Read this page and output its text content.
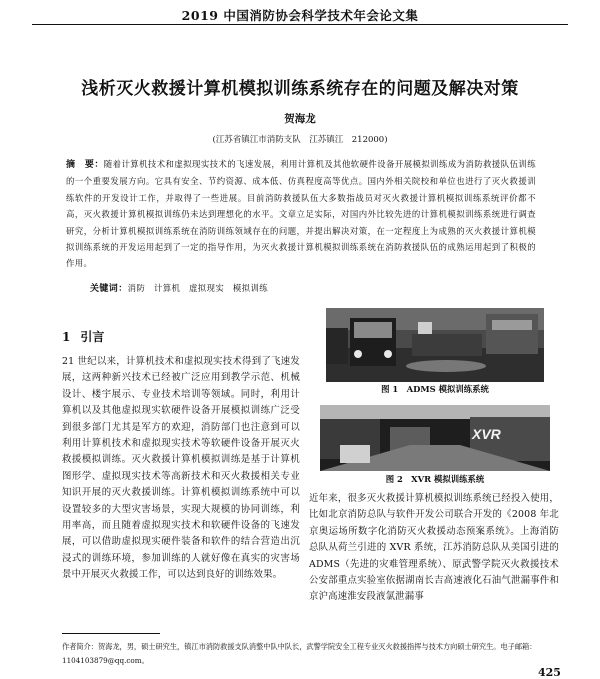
2019 中国消防协会科学技术年会论文集
浅析灭火救援计算机模拟训练系统存在的问题及解决对策
贺海龙
(江苏省镇江市消防支队　江苏镇江　212000)

摘　要：随着计算机技术和虚拟现实技术的飞速发展，利用计算机及其他软硬件设备开展模拟训练成为消防救援队伍训练的一个重要发展方向。它具有安全、节约资源、成本低、仿真程度高等优点。国内外相关院校和单位也进行了灭火救援训练软件的开发设计工作，并取得了一些进展。目前消防救援队伍大多数指战员对灭火救援计算机模拟训练系统评价都不高，灭火救援计算机模拟训练仍未达到理想化的水平。文章立足实际，对国内外比较先进的计算机模拟训练系统进行调查研究，分析计算机模拟训练系统在消防训练领域存在的问题，并提出解决对策，在一定程度上为成熟的灭火救援计算机模拟训练系统的开发运用起到了一定的指导作用，为灭火救援计算机模拟训练系统在消防救援队伍的成熟运用起到了积极的作用。

关键词：消防　计算机　虚拟现实　模拟训练
1 引言

21 世纪以来，计算机技术和虚拟现实技术得到了飞速发展，这两种新兴技术已经被广泛应用到教学示范、机械设计、楼宇展示、专业技术培训等领域。同时，利用计算机以及其他虚拟现实软硬件设备开展模拟训练广泛受到很多部门尤其是军方的欢迎，消防部门也注意到可以利用计算机技术和虚拟现实技术等软硬件设备开展灭火救援模拟训练。灭火救援计算机模拟训练是基于计算机图形学、虚拟现实技术等高新技术和灭火救援相关专业知识开展的灭火救援训练。计算机模拟训练系统中可以设置较多的大型灾害场景，实现大规模的协同训练，利用率高，而且随着虚拟现实技术和软硬件设备的飞速发展，可以借助虚拟现实硬件装备和软件的结合营造出沉浸式的训练环境，参加训练的人就好像在真实的灾害场景中开展灭火救援工作，可以达到良好的训练效果。

图 1　ADMS 模拟训练系统
XVR
图 2　XVR 模拟训练系统

近年来，很多灭火救援计算机模拟训练系统已经投入使用，比如北京消防总队与软件开发公司联合开发的《2008 年北京奥运场所数字化消防灭火救援动态预案系统》。上海消防总队从荷兰引进的 XVR 系统，江苏消防总队从美国引进的 ADMS（先进的灾难管理系统）、原武警学院灭火救援技术公安部重点实验室依据湖南长吉高速液化石油气泄漏事件和京沪高速淮安段液氯泄漏事

作者简介：贺海龙，男，硕士研究生，镇江市消防救援支队消整中队中队长，武警学院安全工程专业灭火救援指挥与技术方向硕士研究生。电子邮箱：1104103879@qq.com。

425
